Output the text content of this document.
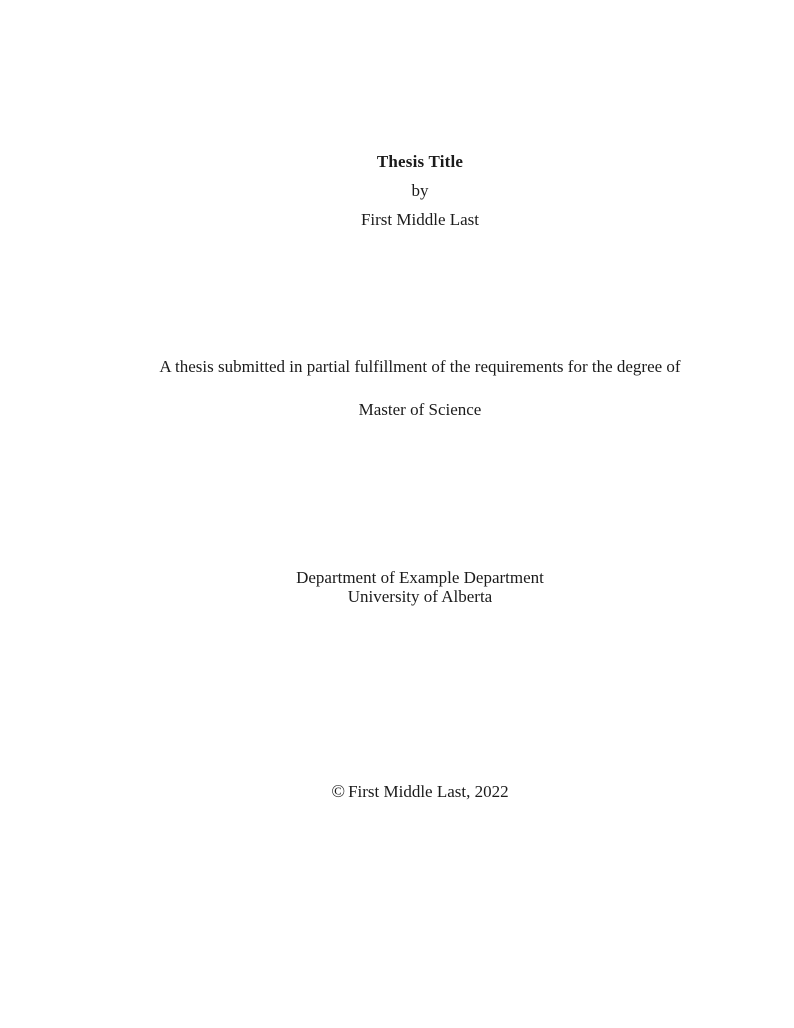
Thesis Title
by
First Middle Last
A thesis submitted in partial fulfillment of the requirements for the degree of
Master of Science
Department of Example Department
University of Alberta
© First Middle Last, 2022
